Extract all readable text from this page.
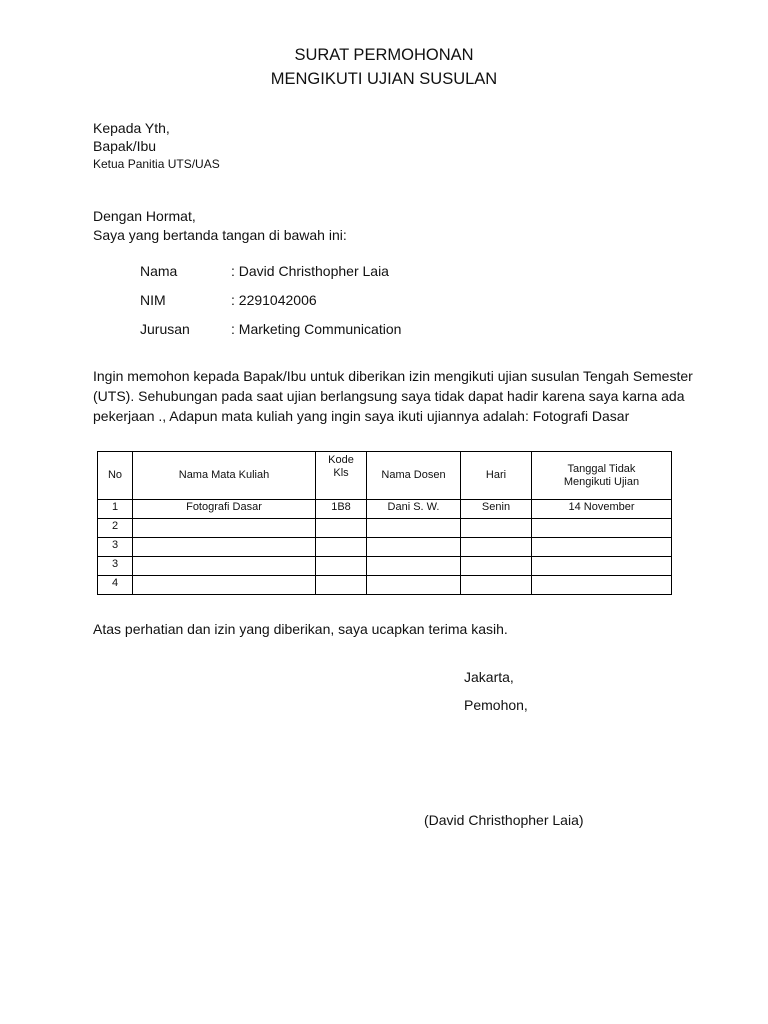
SURAT PERMOHONAN
MENGIKUTI UJIAN SUSULAN
Kepada Yth,
Bapak/Ibu
Ketua Panitia UTS/UAS
Dengan Hormat,
Saya yang bertanda tangan di bawah ini:
Nama	: David Christhopher Laia
NIM	: 2291042006
Jurusan	: Marketing Communication
Ingin memohon kepada Bapak/Ibu untuk diberikan izin mengikuti ujian susulan Tengah Semester (UTS). Sehubungan pada saat ujian berlangsung saya tidak dapat hadir karena saya karna ada pekerjaan ., Adapun mata kuliah yang ingin saya ikuti ujiannya adalah: Fotografi Dasar
No	Nama Mata Kuliah	Kode Kls	Nama Dosen	Hari	Tanggal Tidak Mengikuti Ujian

1	Fotografi Dasar	1B8	Dani S. W.	Senin	14 November
2					
3					
3					
4					
Atas perhatian dan izin yang diberikan, saya ucapkan terima kasih.
Jakarta,
Pemohon,
(David Christhopher Laia)
